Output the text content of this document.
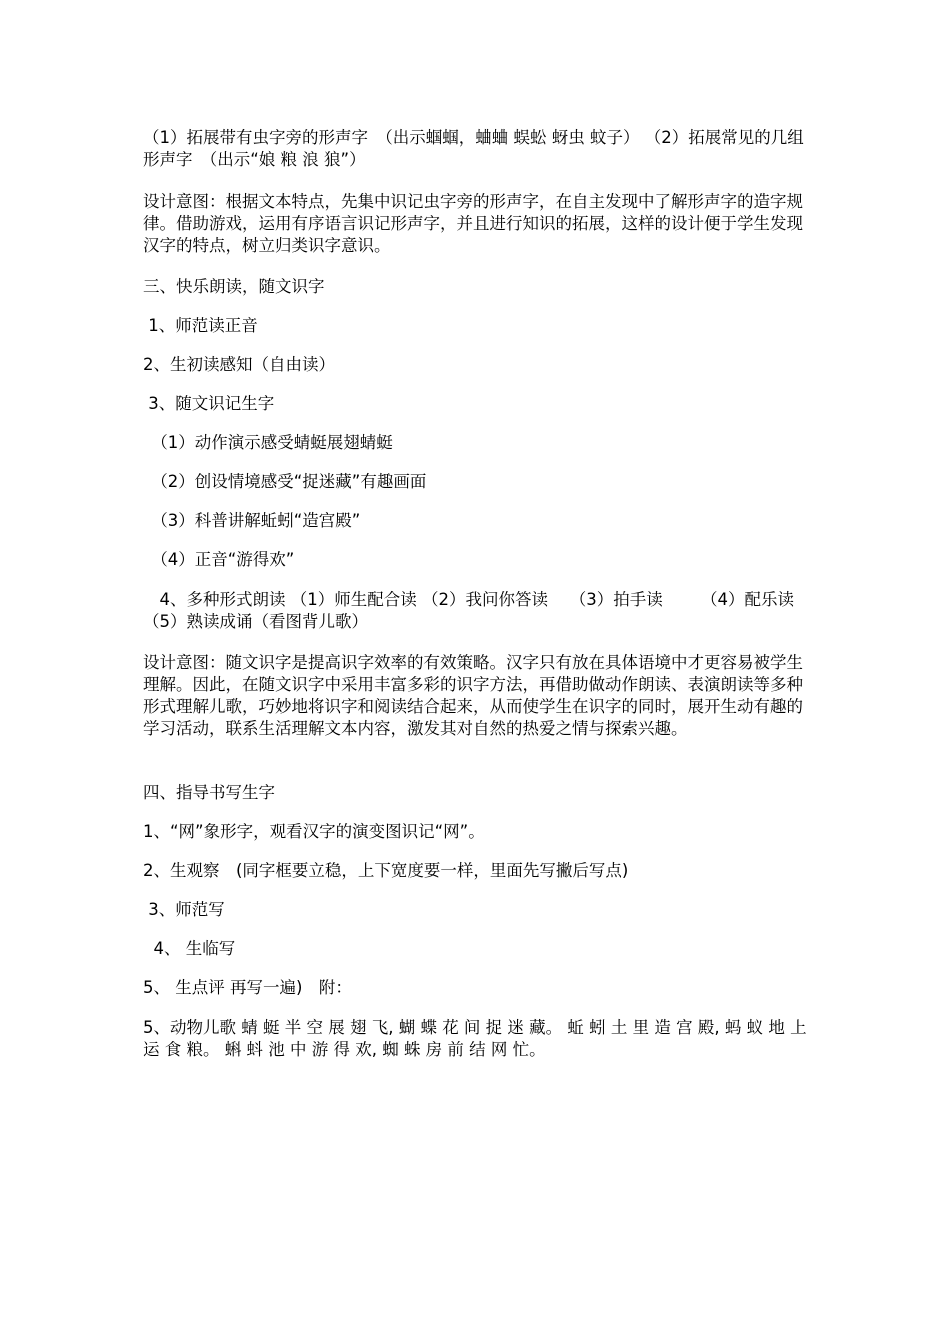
（1）拓展带有虫字旁的形声字　（出示蝈蝈，蛐蛐 蜈蚣 蚜虫 蚊子） （2）拓展常见的几组形声字　（出示“娘 粮 浪 狼”）
设计意图：根据文本特点，先集中识记虫字旁的形声字，在自主发现中了解形声字的造字规律。借助游戏，运用有序语言识记形声字，并且进行知识的拓展，这样的设计便于学生发现汉字的特点，树立归类识字意识。
三、快乐朗读，随文识字
1、师范读正音
2、生初读感知（自由读）
3、随文识记生字
　（1）动作演示感受蜻蜓展翅蜻蜓
　（2）创设情境感受“捉迷藏”有趣画面
　（3）科普讲解蚯蚓“造宫殿”
　（4）正音“游得欢”
　4、多种形式朗读 （1）师生配合读 （2）我问你答读　 （3）拍手读　　 （4）配乐读　 （5）熟读成诵（看图背儿歌）
设计意图：随文识字是提高识字效率的有效策略。汉字只有放在具体语境中才更容易被学生理解。因此，在随文识字中采用丰富多彩的识字方法，再借助做动作朗读、表演朗读等多种形式理解儿歌，巧妙地将识字和阅读结合起来，从而使学生在识字的同时，展开生动有趣的学习活动，联系生活理解文本内容，激发其对自然的热爱之情与探索兴趣。
四、指导书写生字
1、“网”象形字，观看汉字的演变图识记“网”。
2、生观察　(同字框要立稳，上下宽度要一样，里面先写撇后写点)
3、师范写
4、 生临写
5、 生点评 再写一遍)　附：
5、动物儿歌 蜻 蜓 半 空 展 翅 飞, 蝴 蝶 花 间 捉 迷 藏。 蚯 蚓 土 里 造 宫 殿, 蚂 蚁 地 上 运 食 粮。 蝌 蚪 池 中 游 得 欢, 蜘 蛛 房 前 结 网 忙。
